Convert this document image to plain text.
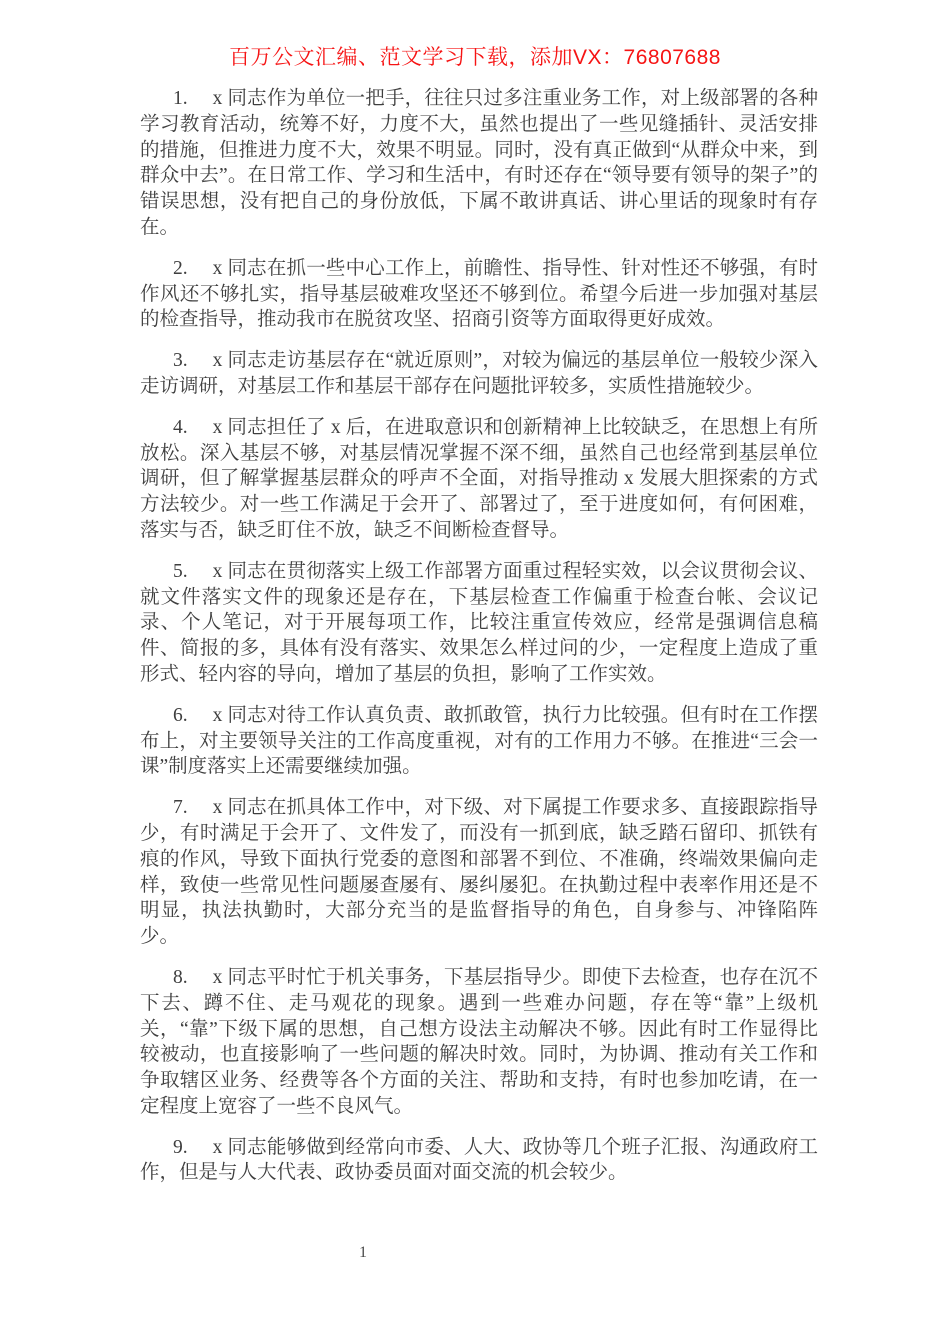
百万公文汇编、范文学习下载，添加VX：76807688

1. x 同志作为单位一把手，往往只过多注重业务工作，对上级部署的各种学习教育活动，统筹不好，力度不大，虽然也提出了一些见缝插针、灵活安排的措施，但推进力度不大，效果不明显。同时，没有真正做到“从群众中来，到群众中去”。在日常工作、学习和生活中，有时还存在“领导要有领导的架子”的错误思想，没有把自己的身份放低，下属不敢讲真话、讲心里话的现象时有存在。

2. x 同志在抓一些中心工作上，前瞻性、指导性、针对性还不够强，有时作风还不够扎实，指导基层破难攻坚还不够到位。希望今后进一步加强对基层的检查指导，推动我市在脱贫攻坚、招商引资等方面取得更好成效。

3. x 同志走访基层存在“就近原则”，对较为偏远的基层单位一般较少深入走访调研，对基层工作和基层干部存在问题批评较多，实质性措施较少。

4. x 同志担任了 x 后，在进取意识和创新精神上比较缺乏，在思想上有所放松。深入基层不够，对基层情况掌握不深不细，虽然自己也经常到基层单位调研，但了解掌握基层群众的呼声不全面，对指导推动 x 发展大胆探索的方式方法较少。对一些工作满足于会开了、部署过了，至于进度如何，有何困难，落实与否，缺乏盯住不放，缺乏不间断检查督导。

5. x 同志在贯彻落实上级工作部署方面重过程轻实效，以会议贯彻会议、就文件落实文件的现象还是存在，下基层检查工作偏重于检查台帐、会议记录、个人笔记，对于开展每项工作，比较注重宣传效应，经常是强调信息稿件、简报的多，具体有没有落实、效果怎么样过问的少，一定程度上造成了重形式、轻内容的导向，增加了基层的负担，影响了工作实效。

6. x 同志对待工作认真负责、敢抓敢管，执行力比较强。但有时在工作摆布上，对主要领导关注的工作高度重视，对有的工作用力不够。在推进“三会一课”制度落实上还需要继续加强。

7. x 同志在抓具体工作中，对下级、对下属提工作要求多、直接跟踪指导少，有时满足于会开了、文件发了，而没有一抓到底，缺乏踏石留印、抓铁有痕的作风，导致下面执行党委的意图和部署不到位、不准确，终端效果偏向走样，致使一些常见性问题屡查屡有、屡纠屡犯。在执勤过程中表率作用还是不明显，执法执勤时，大部分充当的是监督指导的角色，自身参与、冲锋陷阵少。

8. x 同志平时忙于机关事务，下基层指导少。即使下去检查，也存在沉不下去、蹲不住、走马观花的现象。遇到一些难办问题，存在等“靠”上级机关，“靠”下级下属的思想，自己想方设法主动解决不够。因此有时工作显得比较被动，也直接影响了一些问题的解决时效。同时，为协调、推动有关工作和争取辖区业务、经费等各个方面的关注、帮助和支持，有时也参加吃请，在一定程度上宽容了一些不良风气。

9. x 同志能够做到经常向市委、人大、政协等几个班子汇报、沟通政府工作，但是与人大代表、政协委员面对面交流的机会较少。

1
